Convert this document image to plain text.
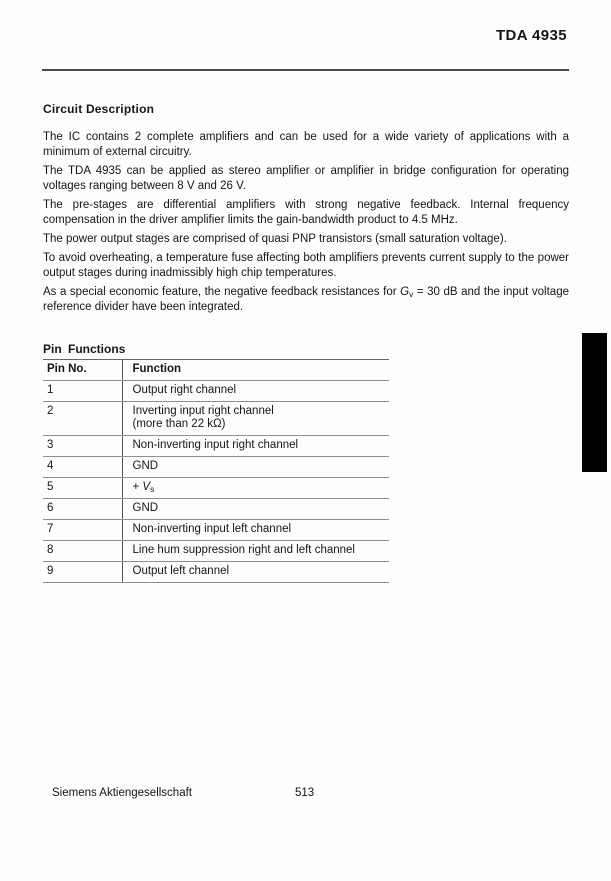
TDA 4935
Circuit Description

The IC contains 2 complete amplifiers and can be used for a wide variety of applications with a minimum of external circuitry.

The TDA 4935 can be applied as stereo amplifier or amplifier in bridge configuration for operating voltages ranging between 8 V and 26 V.

The pre-stages are differential amplifiers with strong negative feedback. Internal frequency compensation in the driver amplifier limits the gain-bandwidth product to 4.5 MHz.

The power output stages are comprised of quasi PNP transistors (small saturation voltage).

To avoid overheating, a temperature fuse affecting both amplifiers prevents current supply to the power output stages during inadmissibly high chip temperatures.

As a special economic feature, the negative feedback resistances for $G_v = 30$ dB and the input voltage reference divider have been integrated.

Pin Functions
Pin No.	Function
1	Output right channel

2	Inverting input right channel
(more than 22 kΩ)

3	Non-inverting input right channel

4	GND

5	+ $V_s$

6	GND

7	Non-inverting input left channel

8	Line hum suppression right and left channel

9	Output left channel
Siemens Aktiengesellschaft	513
